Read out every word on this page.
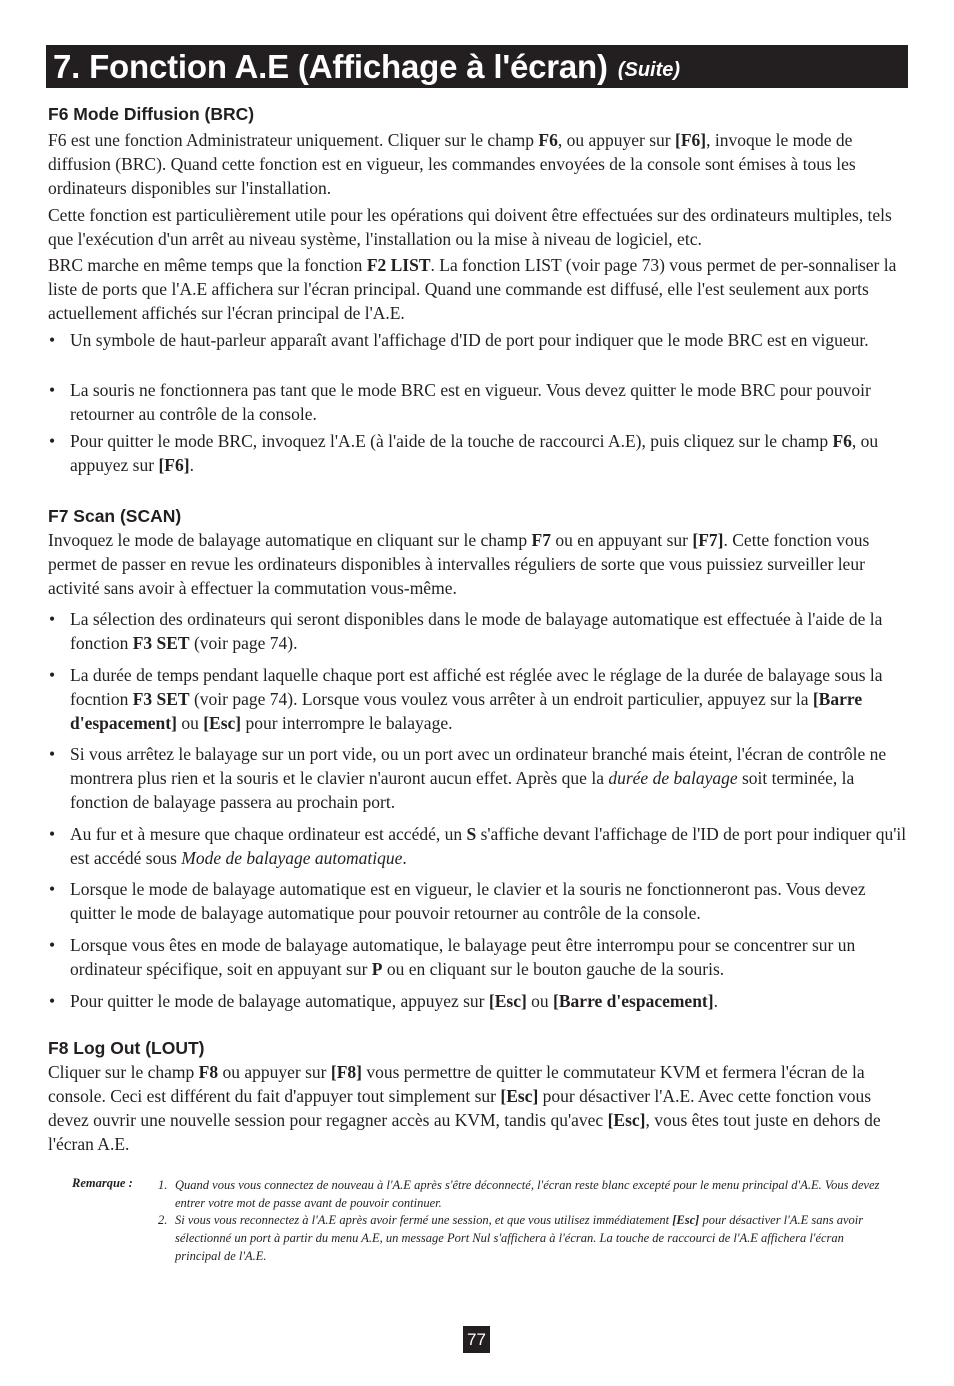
7. Fonction A.E (Affichage à l'écran) (Suite)
F6 Mode Diffusion (BRC)

F6 est une fonction Administrateur uniquement. Cliquer sur le champ F6, ou appuyer sur [F6], invoque le mode de diffusion (BRC). Quand cette fonction est en vigueur, les commandes envoyées de la console sont émises à tous les ordinateurs disponibles sur l'installation.

Cette fonction est particulièrement utile pour les opérations qui doivent être effectuées sur des ordinateurs multiples, tels que l'exécution d'un arrêt au niveau système, l'installation ou la mise à niveau de logiciel, etc.

BRC marche en même temps que la fonction F2 LIST. La fonction LIST (voir page 73) vous permet de per-sonnaliser la liste de ports que l'A.E affichera sur l'écran principal. Quand une commande est diffusé, elle l'est seulement aux ports actuellement affichés sur l'écran principal de l'A.E.

• Un symbole de haut-parleur apparaît avant l'affichage d'ID de port pour indiquer que le mode BRC est en vigueur.
• La souris ne fonctionnera pas tant que le mode BRC est en vigueur. Vous devez quitter le mode BRC pour pouvoir retourner au contrôle de la console.
• Pour quitter le mode BRC, invoquez l'A.E (à l'aide de la touche de raccourci A.E), puis cliquez sur le champ F6, ou appuyez sur [F6].
F7 Scan (SCAN)

Invoquez le mode de balayage automatique en cliquant sur le champ F7 ou en appuyant sur [F7]. Cette fonction vous permet de passer en revue les ordinateurs disponibles à intervalles réguliers de sorte que vous puissiez surveiller leur activité sans avoir à effectuer la commutation vous-même.

• La sélection des ordinateurs qui seront disponibles dans le mode de balayage automatique est effectuée à l'aide de la fonction F3 SET (voir page 74).
• La durée de temps pendant laquelle chaque port est affiché est réglée avec le réglage de la durée de balayage sous la focntion F3 SET (voir page 74). Lorsque vous voulez vous arrêter à un endroit particulier, appuyez sur la [Barre d'espacement] ou [Esc] pour interrompre le balayage.
• Si vous arrêtez le balayage sur un port vide, ou un port avec un ordinateur branché mais éteint, l'écran de contrôle ne montrera plus rien et la souris et le clavier n'auront aucun effet. Après que la durée de balayage soit terminée, la fonction de balayage passera au prochain port.
• Au fur et à mesure que chaque ordinateur est accédé, un S s'affiche devant l'affichage de l'ID de port pour indiquer qu'il est accédé sous Mode de balayage automatique.
• Lorsque le mode de balayage automatique est en vigueur, le clavier et la souris ne fonctionneront pas. Vous devez quitter le mode de balayage automatique pour pouvoir retourner au contrôle de la console.
• Lorsque vous êtes en mode de balayage automatique, le balayage peut être interrompu pour se concentrer sur un ordinateur spécifique, soit en appuyant sur P ou en cliquant sur le bouton gauche de la souris.
• Pour quitter le mode de balayage automatique, appuyez sur [Esc] ou [Barre d'espacement].
F8 Log Out (LOUT)

Cliquer sur le champ F8 ou appuyer sur [F8] vous permettre de quitter le commutateur KVM et fermera l'écran de la console. Ceci est différent du fait d'appuyer tout simplement sur [Esc] pour désactiver l'A.E. Avec cette fonction vous devez ouvrir une nouvelle session pour regagner accès au KVM, tandis qu'avec [Esc], vous êtes tout juste en dehors de l'écran A.E.

Remarque : 1. Quand vous vous connectez de nouveau à l'A.E après s'être déconnecté, l'écran reste blanc excepté pour le menu principal d'A.E. Vous devez entrer votre mot de passe avant de pouvoir continuer.
2. Si vous vous reconnectez à l'A.E après avoir fermé une session, et que vous utilisez immédiatement [Esc] pour désactiver l'A.E sans avoir sélectionné un port à partir du menu A.E, un message Port Nul s'affichera à l'écran. La touche de raccourci de l'A.E affichera l'écran principal de l'A.E.
77
